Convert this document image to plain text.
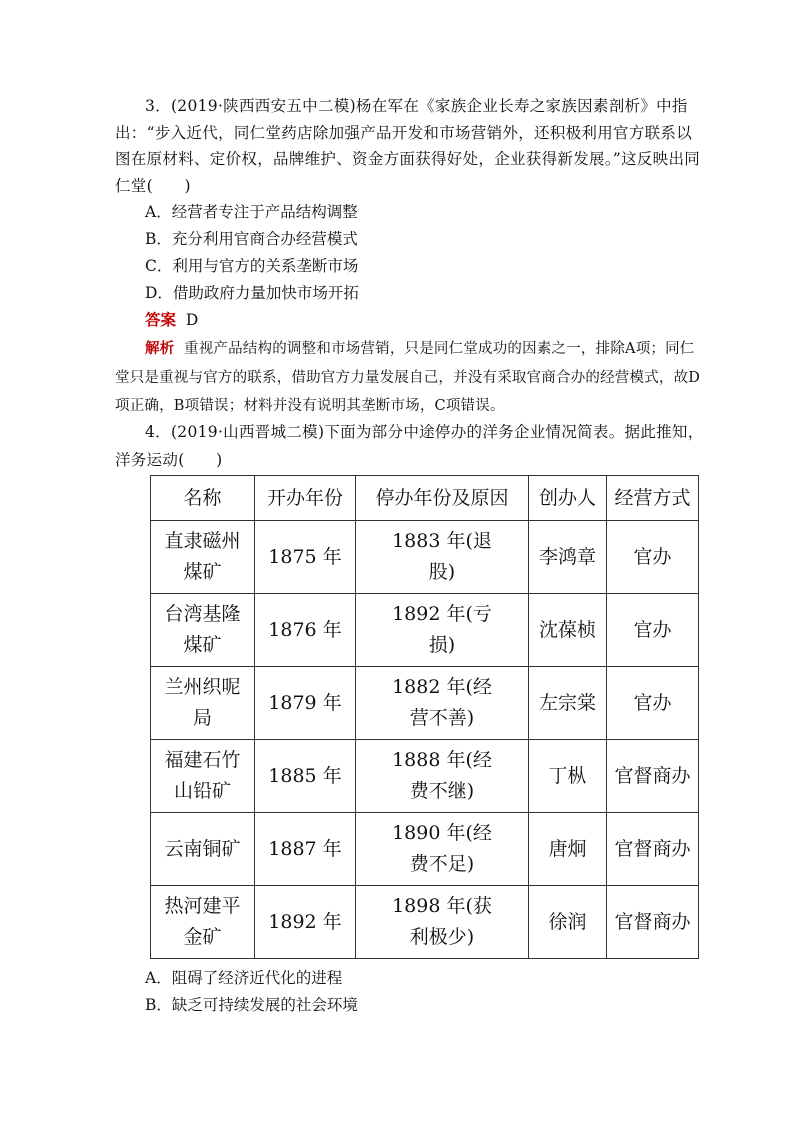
3．(2019·陕西西安五中二模)杨在军在《家族企业长寿之家族因素剖析》中指出：“步入近代，同仁堂药店除加强产品开发和市场营销外，还积极利用官方联系以图在原材料、定价权，品牌维护、资金方面获得好处，企业获得新发展。”这反映出同仁堂(　　)
A．经营者专注于产品结构调整
B．充分利用官商合办经营模式
C．利用与官方的关系垄断市场
D．借助政府力量加快市场开拓
答案 D
解析 重视产品结构的调整和市场营销，只是同仁堂成功的因素之一，排除A项；同仁堂只是重视与官方的联系，借助官方力量发展自己，并没有采取官商合办的经营模式，故D项正确，B项错误；材料并没有说明其垄断市场，C项错误。
4．(2019·山西晋城二模)下面为部分中途停办的洋务企业情况简表。据此推知，洋务运动(　　)
名称	开办年份	停办年份及原因	创办人	经营方式
直隶磁州煤矿	1875 年	1883 年(退股)	李鸿章	官办
台湾基隆煤矿	1876 年	1892 年(亏损)	沈葆桢	官办
兰州织呢局	1879 年	1882 年(经营不善)	左宗棠	官办
福建石竹山铅矿	1885 年	1888 年(经费不继)	丁枞	官督商办
云南铜矿	1887 年	1890 年(经费不足)	唐炯	官督商办
热河建平金矿	1892 年	1898 年(获利极少)	徐润	官督商办
A．阻碍了经济近代化的进程
B．缺乏可持续发展的社会环境
